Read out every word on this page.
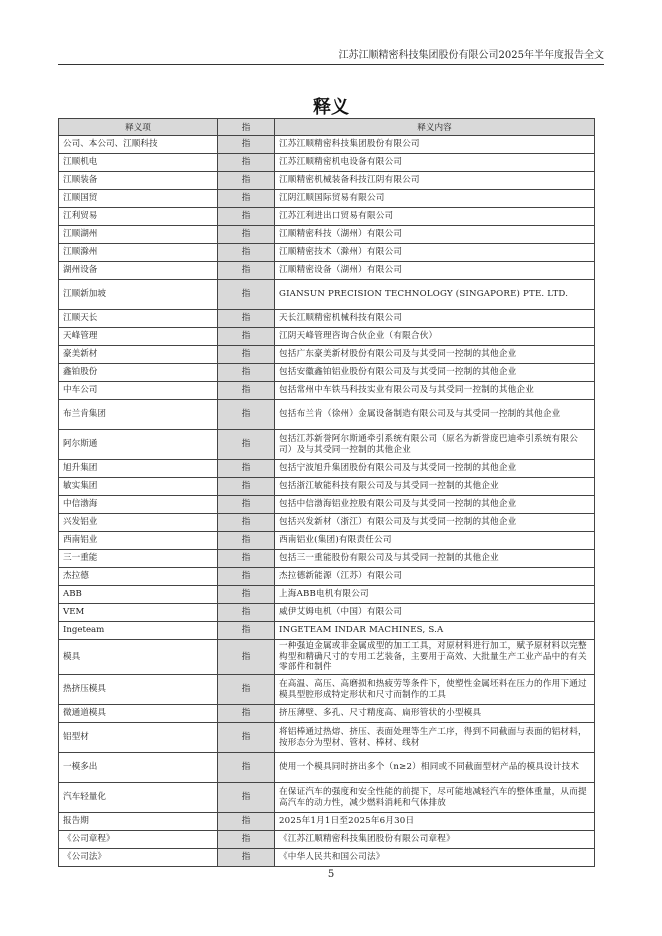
江苏江顺精密科技集团股份有限公司2025年半年度报告全文
释义
释义项	指	释义内容
公司、本公司、江顺科技	指	江苏江顺精密科技集团股份有限公司
江顺机电	指	江苏江顺精密机电设备有限公司
江顺装备	指	江顺精密机械装备科技江阴有限公司
江顺国贸	指	江阴江顺国际贸易有限公司
江利贸易	指	江苏江利进出口贸易有限公司
江顺湖州	指	江顺精密科技（湖州）有限公司
江顺滁州	指	江顺精密技术（滁州）有限公司
湖州设备	指	江顺精密设备（湖州）有限公司
江顺新加坡	指	GIANSUN PRECISION TECHNOLOGY (SINGAPORE) PTE. LTD.
江顺天长	指	天长江顺精密机械科技有限公司
天峰管理	指	江阴天峰管理咨询合伙企业（有限合伙）
豪美新材	指	包括广东豪美新材股份有限公司及与其受同一控制的其他企业
鑫铂股份	指	包括安徽鑫铂铝业股份有限公司及与其受同一控制的其他企业
中车公司	指	包括常州中车铁马科技实业有限公司及与其受同一控制的其他企业
布兰肯集团	指	包括布兰肯（徐州）金属设备制造有限公司及与其受同一控制的其他企业
阿尔斯通	指	包括江苏新誉阿尔斯通牵引系统有限公司（原名为新誉庞巴迪牵引系统有限公司）及与其受同一控制的其他企业
旭升集团	指	包括宁波旭升集团股份有限公司及与其受同一控制的其他企业
敏实集团	指	包括浙江敏能科技有限公司及与其受同一控制的其他企业
中信渤海	指	包括中信渤海铝业控股有限公司及与其受同一控制的其他企业
兴发铝业	指	包括兴发新材（浙江）有限公司及与其受同一控制的其他企业
西南铝业	指	西南铝业(集团)有限责任公司
三一重能	指	包括三一重能股份有限公司及与其受同一控制的其他企业
杰拉德	指	杰拉德新能源（江苏）有限公司
ABB	指	上海ABB电机有限公司
VEM	指	威伊艾姆电机（中国）有限公司
Ingeteam	指	INGETEAM INDAR MACHINES, S.A
模具	指	一种强迫金属或非金属成型的加工工具，对原材料进行加工，赋予原材料以完整构型和精确尺寸的专用工艺装备，主要用于高效、大批量生产工业产品中的有关零部件和制件
热挤压模具	指	在高温、高压、高磨损和热疲劳等条件下，使塑性金属坯料在压力的作用下通过模具型腔形成特定形状和尺寸而制作的工具
微通道模具	指	挤压薄壁、多孔、尺寸精度高、扁形管状的小型模具
铝型材	指	将铝棒通过热熔、挤压、表面处理等生产工序，得到不同截面与表面的铝材料，按形态分为型材、管材、棒材、线材
一模多出	指	使用一个模具同时挤出多个（n≥2）相同或不同截面型材产品的模具设计技术
汽车轻量化	指	在保证汽车的强度和安全性能的前提下，尽可能地减轻汽车的整体重量，从而提高汽车的动力性，减少燃料消耗和气体排放
报告期	指	2025年1月1日至2025年6月30日
《公司章程》	指	《江苏江顺精密科技集团股份有限公司章程》
《公司法》	指	《中华人民共和国公司法》
5
